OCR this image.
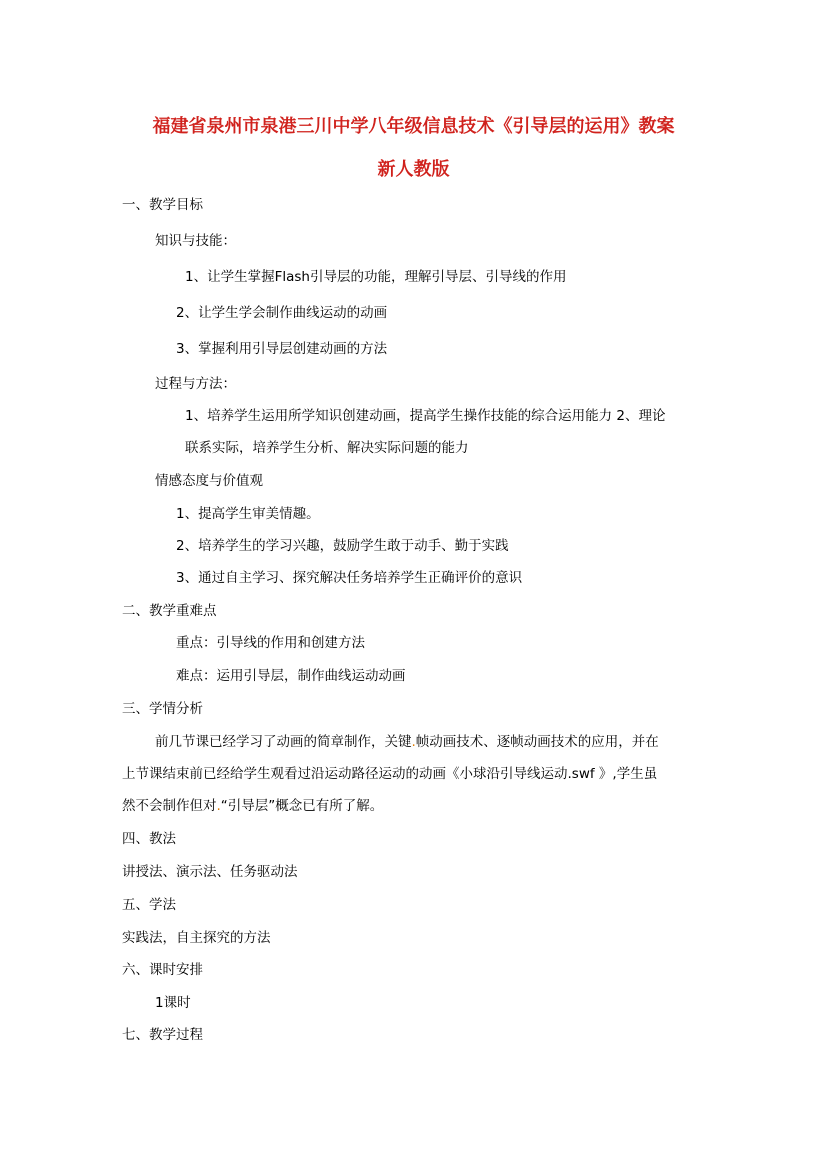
福建省泉州市泉港三川中学八年级信息技术《引导层的运用》教案
新人教版
一、教学目标
知识与技能：
1、让学生掌握Flash引导层的功能，理解引导层、引导线的作用
2、让学生学会制作曲线运动的动画
3、掌握利用引导层创建动画的方法
过程与方法：
1、培养学生运用所学知识创建动画，提高学生操作技能的综合运用能力 2、理论
联系实际，培养学生分析、解决实际问题的能力
情感态度与价值观
1、提高学生审美情趣。
2、培养学生的学习兴趣，鼓励学生敢于动手、勤于实践
3、通过自主学习、探究解决任务培养学生正确评价的意识
二、教学重难点
重点：引导线的作用和创建方法
难点：运用引导层，制作曲线运动动画
三、学情分析
前几节课已经学习了动画的简章制作，关键.帧动画技术、逐帧动画技术的应用，并在
上节课结束前已经给学生观看过沿运动路径运动的动画《小球沿引导线运动.swf 》,学生虽
然不会制作但对.“引导层”概念已有所了解。
四、教法
讲授法、演示法、任务驱动法
五、学法
实践法，自主探究的方法
六、课时安排
1课时
七、教学过程
